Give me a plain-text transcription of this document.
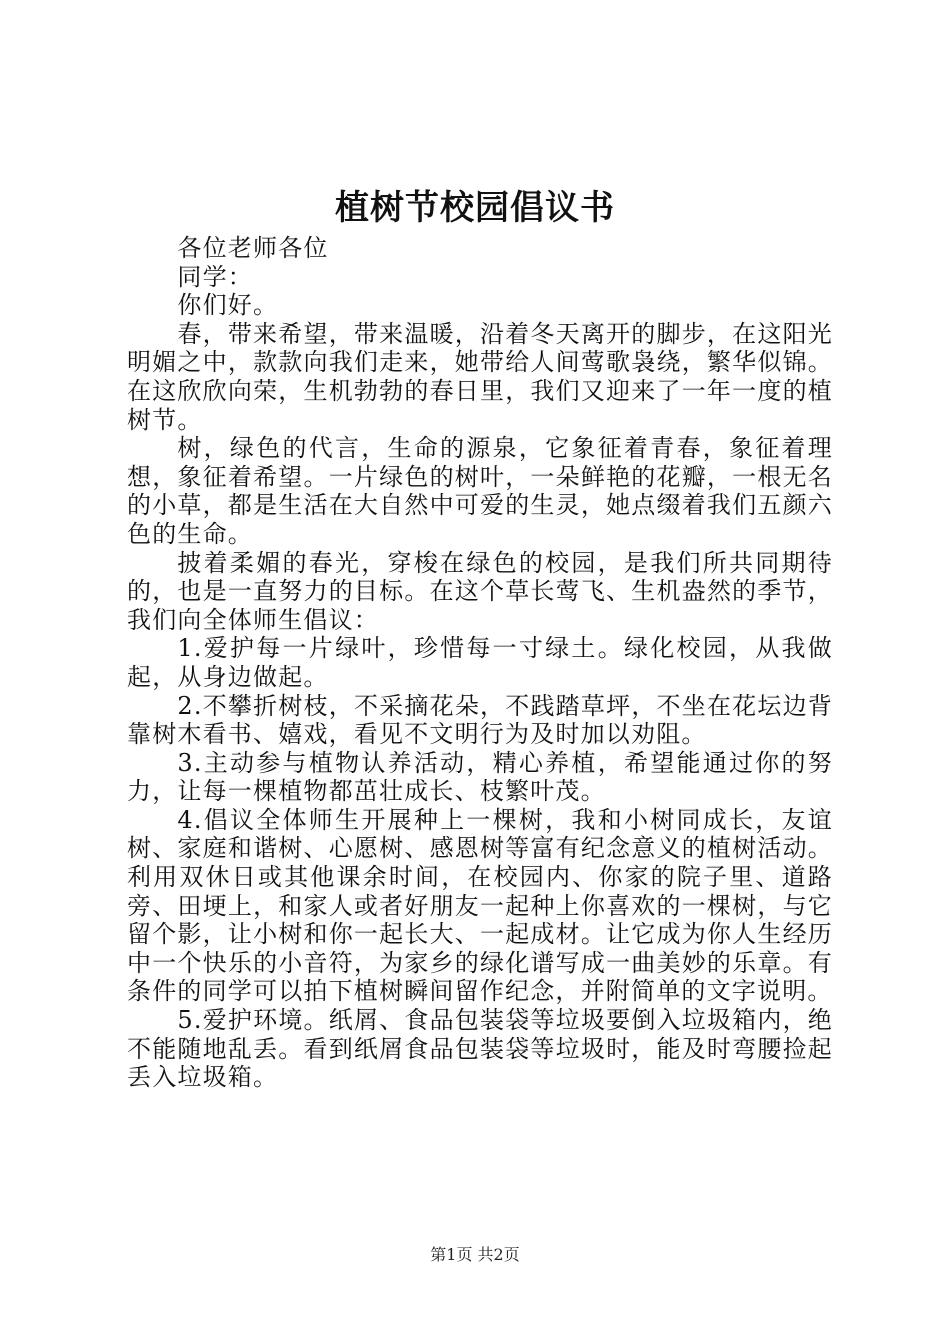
植树节校园倡议书

各位老师各位

同学：

你们好。

春，带来希望，带来温暖，沿着冬天离开的脚步，在这阳光明媚之中，款款向我们走来，她带给人间莺歌袅绕，繁华似锦。在这欣欣向荣，生机勃勃的春日里，我们又迎来了一年一度的植树节。

树，绿色的代言，生命的源泉，它象征着青春，象征着理想，象征着希望。一片绿色的树叶，一朵鲜艳的花瓣，一根无名的小草，都是生活在大自然中可爱的生灵，她点缀着我们五颜六色的生命。

披着柔媚的春光，穿梭在绿色的校园，是我们所共同期待的，也是一直努力的目标。在这个草长莺飞、生机盎然的季节，我们向全体师生倡议：

1.爱护每一片绿叶，珍惜每一寸绿土。绿化校园，从我做起，从身边做起。

2.不攀折树枝，不采摘花朵，不践踏草坪，不坐在花坛边背靠树木看书、嬉戏，看见不文明行为及时加以劝阻。

3.主动参与植物认养活动，精心养植，希望能通过你的努力，让每一棵植物都茁壮成长、枝繁叶茂。

4.倡议全体师生开展种上一棵树，我和小树同成长，友谊树、家庭和谐树、心愿树、感恩树等富有纪念意义的植树活动。利用双休日或其他课余时间，在校园内、你家的院子里、道路旁、田埂上，和家人或者好朋友一起种上你喜欢的一棵树，与它留个影，让小树和你一起长大、一起成材。让它成为你人生经历中一个快乐的小音符，为家乡的绿化谱写成一曲美妙的乐章。有条件的同学可以拍下植树瞬间留作纪念，并附简单的文字说明。

5.爱护环境。纸屑、食品包装袋等垃圾要倒入垃圾箱内，绝不能随地乱丢。看到纸屑食品包装袋等垃圾时，能及时弯腰捡起丢入垃圾箱。

第1页 共2页
